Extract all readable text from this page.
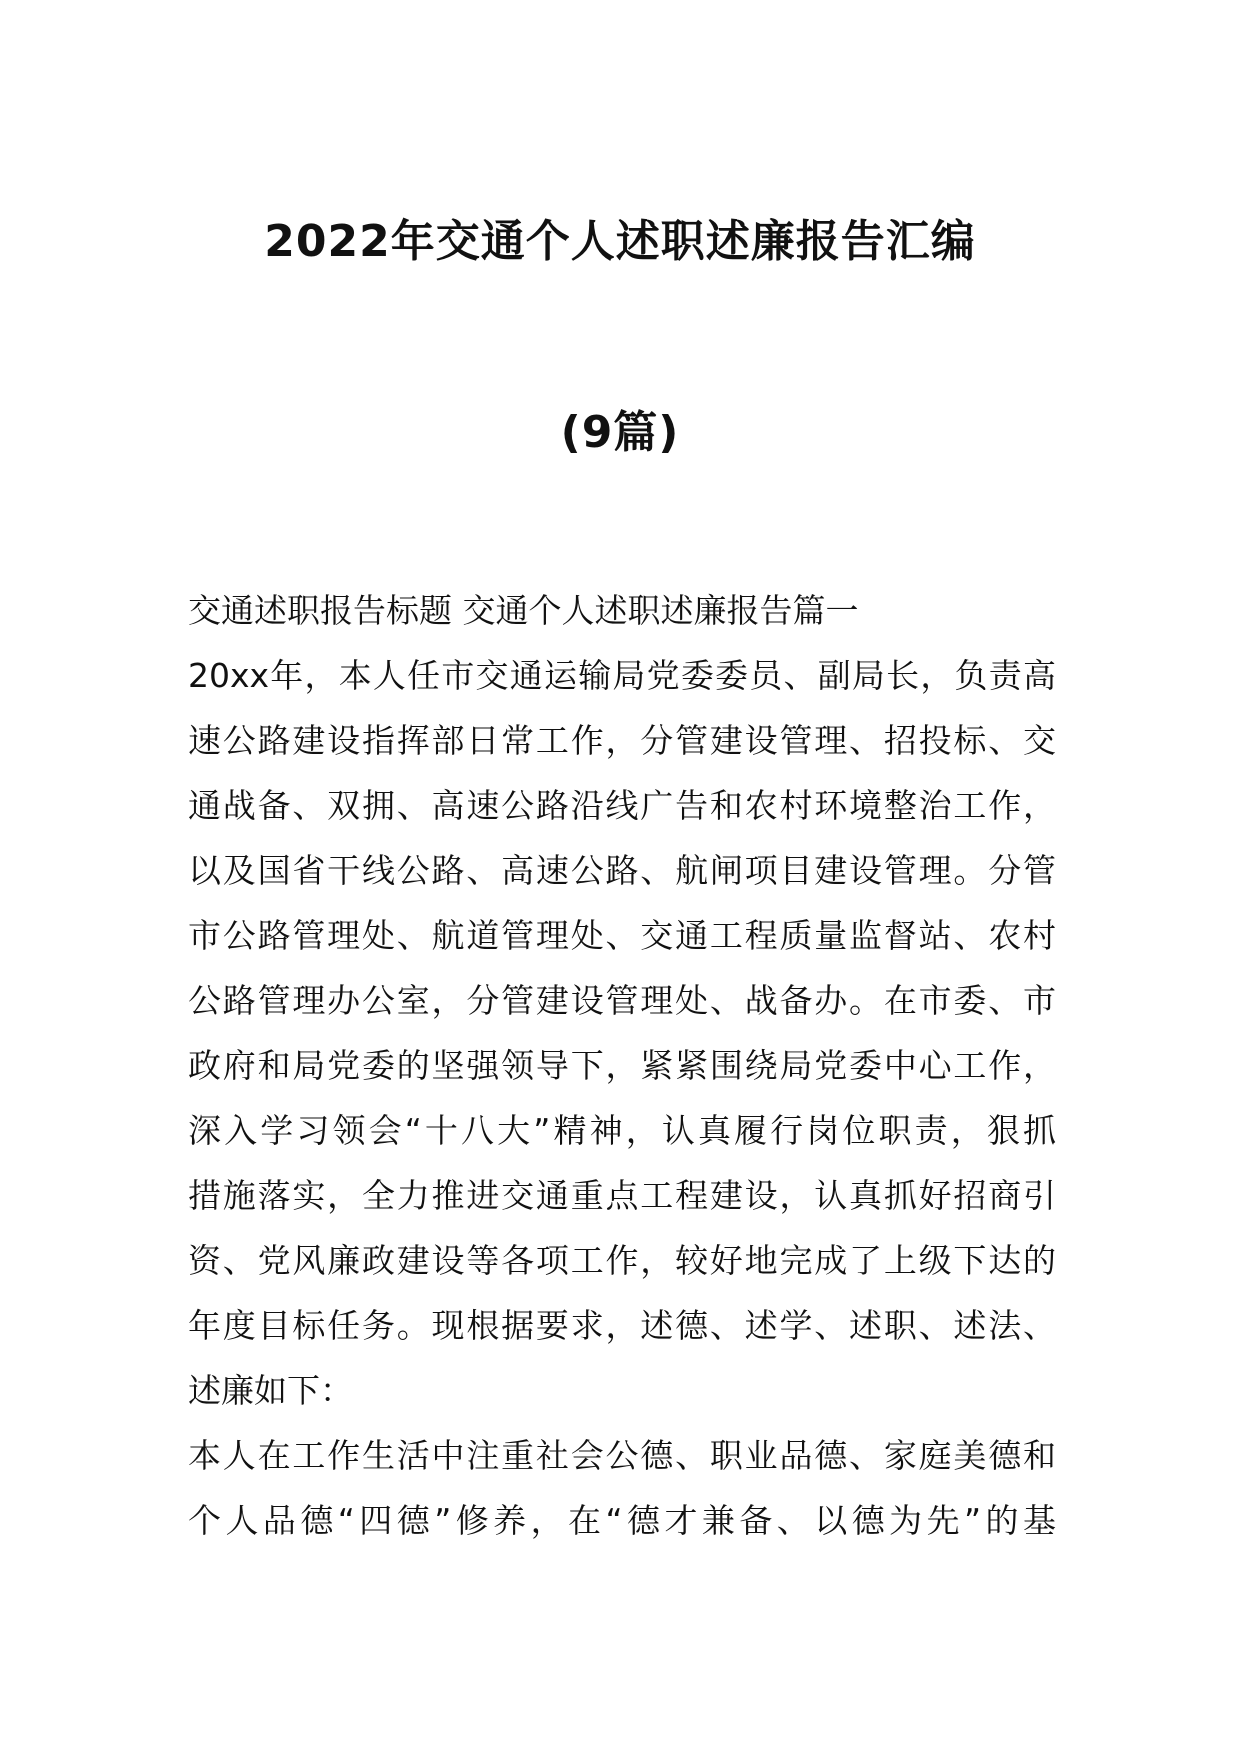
2022年交通个人述职述廉报告汇编
(9篇)
交通述职报告标题 交通个人述职述廉报告篇一
20xx年，本人任市交通运输局党委委员、副局长，负责高
速公路建设指挥部日常工作，分管建设管理、招投标、交
通战备、双拥、高速公路沿线广告和农村环境整治工作，
以及国省干线公路、高速公路、航闸项目建设管理。分管
市公路管理处、航道管理处、交通工程质量监督站、农村
公路管理办公室，分管建设管理处、战备办。在市委、市
政府和局党委的坚强领导下，紧紧围绕局党委中心工作，
深入学习领会“十八大”精神，认真履行岗位职责，狠抓
措施落实，全力推进交通重点工程建设，认真抓好招商引
资、党风廉政建设等各项工作，较好地完成了上级下达的
年度目标任务。现根据要求，述德、述学、述职、述法、
述廉如下：
本人在工作生活中注重社会公德、职业品德、家庭美德和
个人品德“四德”修养，在“德才兼备、以德为先”的基
